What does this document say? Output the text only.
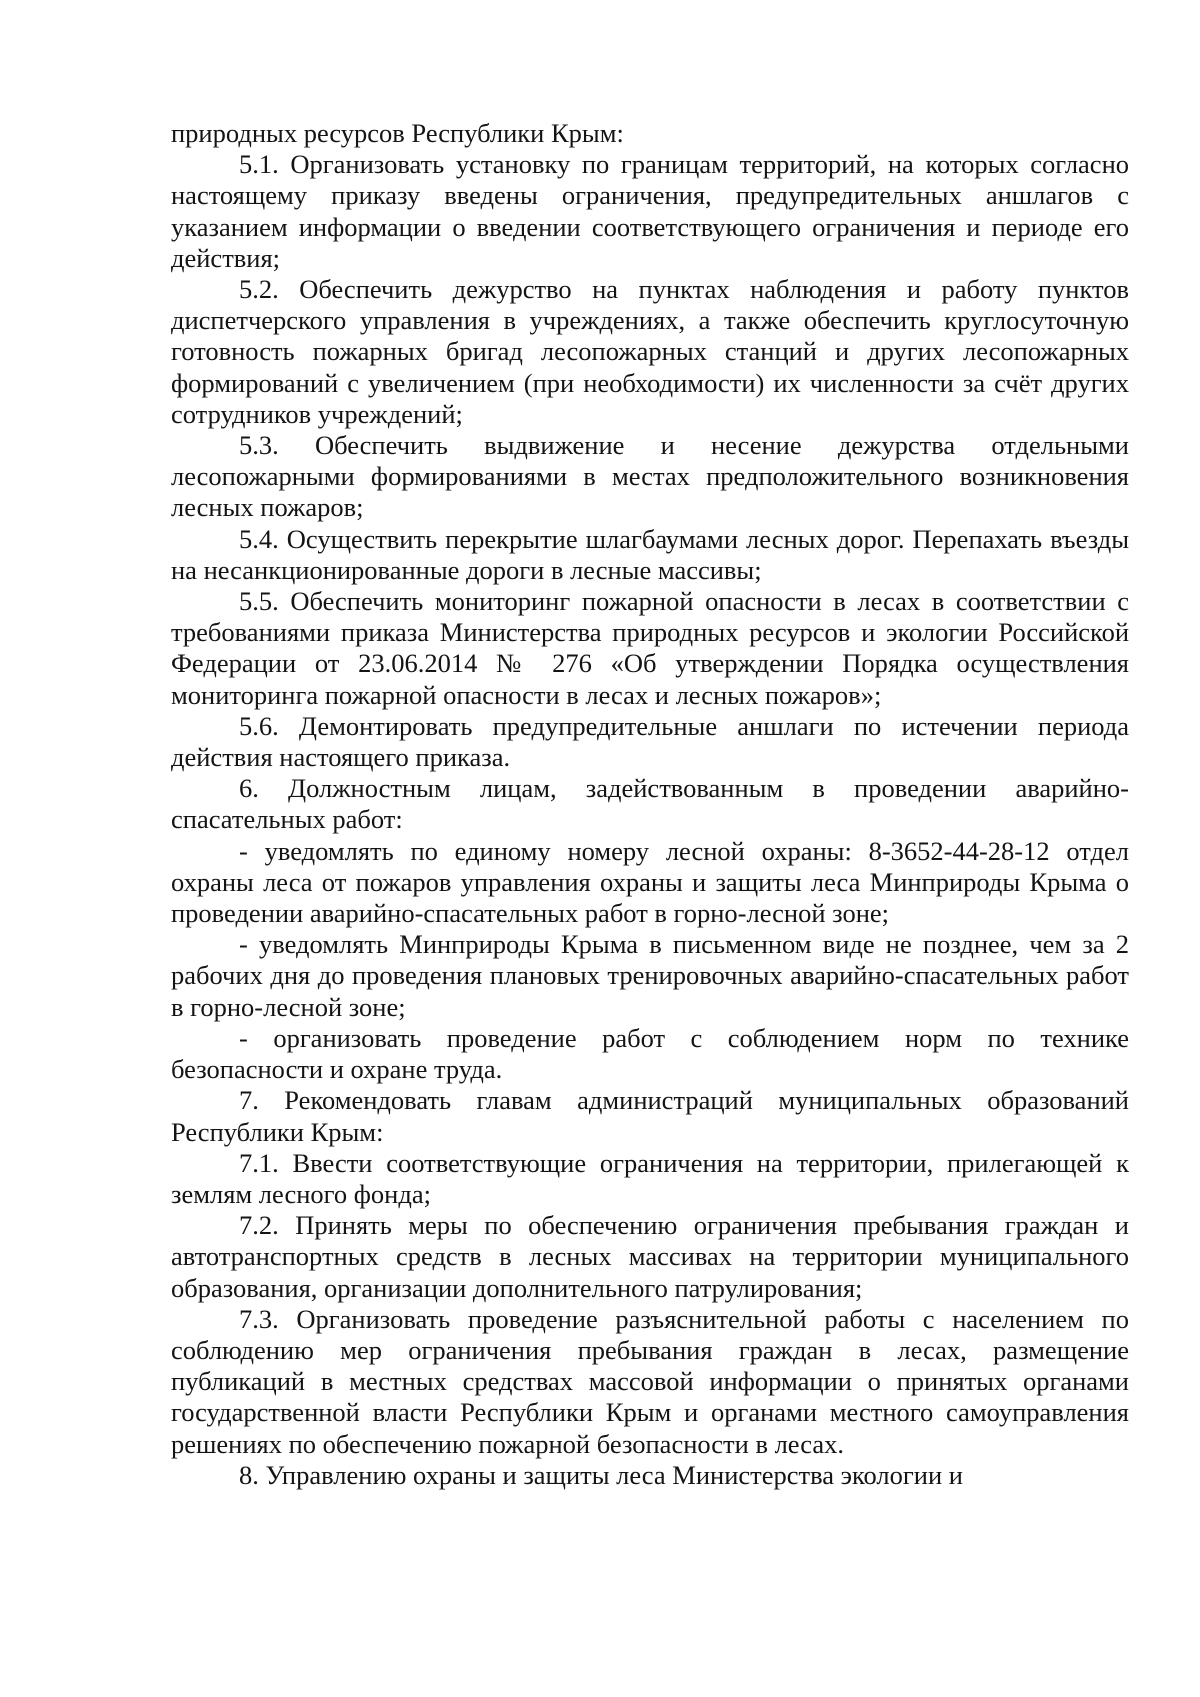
природных ресурсов Республики Крым:

5.1. Организовать установку по границам территорий, на которых согласно настоящему приказу введены ограничения, предупредительных аншлагов с указанием информации о введении соответствующего ограничения и периоде его действия;

5.2. Обеспечить дежурство на пунктах наблюдения и работу пунктов диспетчерского управления в учреждениях, а также обеспечить круглосуточную готовность пожарных бригад лесопожарных станций и других лесопожарных формирований с увеличением (при необходимости) их численности за счёт других сотрудников учреждений;

5.3. Обеспечить выдвижение и несение дежурства отдельными лесопожарными формированиями в местах предположительного возникновения лесных пожаров;

5.4. Осуществить перекрытие шлагбаумами лесных дорог. Перепахать въезды на несанкционированные дороги в лесные массивы;

5.5. Обеспечить мониторинг пожарной опасности в лесах в соответствии с требованиями приказа Министерства природных ресурсов и экологии Российской Федерации от 23.06.2014 № 276 «Об утверждении Порядка осуществления мониторинга пожарной опасности в лесах и лесных пожаров»;

5.6. Демонтировать предупредительные аншлаги по истечении периода действия настоящего приказа.

6. Должностным лицам, задействованным в проведении аварийно-спасательных работ:

- уведомлять по единому номеру лесной охраны: 8-3652-44-28-12 отдел охраны леса от пожаров управления охраны и защиты леса Минприроды Крыма о проведении аварийно-спасательных работ в горно-лесной зоне;

- уведомлять Минприроды Крыма в письменном виде не позднее, чем за 2 рабочих дня до проведения плановых тренировочных аварийно-спасательных работ в горно-лесной зоне;

- организовать проведение работ с соблюдением норм по технике безопасности и охране труда.

7. Рекомендовать главам администраций муниципальных образований Республики Крым:

7.1. Ввести соответствующие ограничения на территории, прилегающей к землям лесного фонда;

7.2. Принять меры по обеспечению ограничения пребывания граждан и автотранспортных средств в лесных массивах на территории муниципального образования, организации дополнительного патрулирования;

7.3. Организовать проведение разъяснительной работы с населением по соблюдению мер ограничения пребывания граждан в лесах, размещение публикаций в местных средствах массовой информации о принятых органами государственной власти Республики Крым и органами местного самоуправления решениях по обеспечению пожарной безопасности в лесах.

8. Управлению охраны и защиты леса Министерства экологии и
